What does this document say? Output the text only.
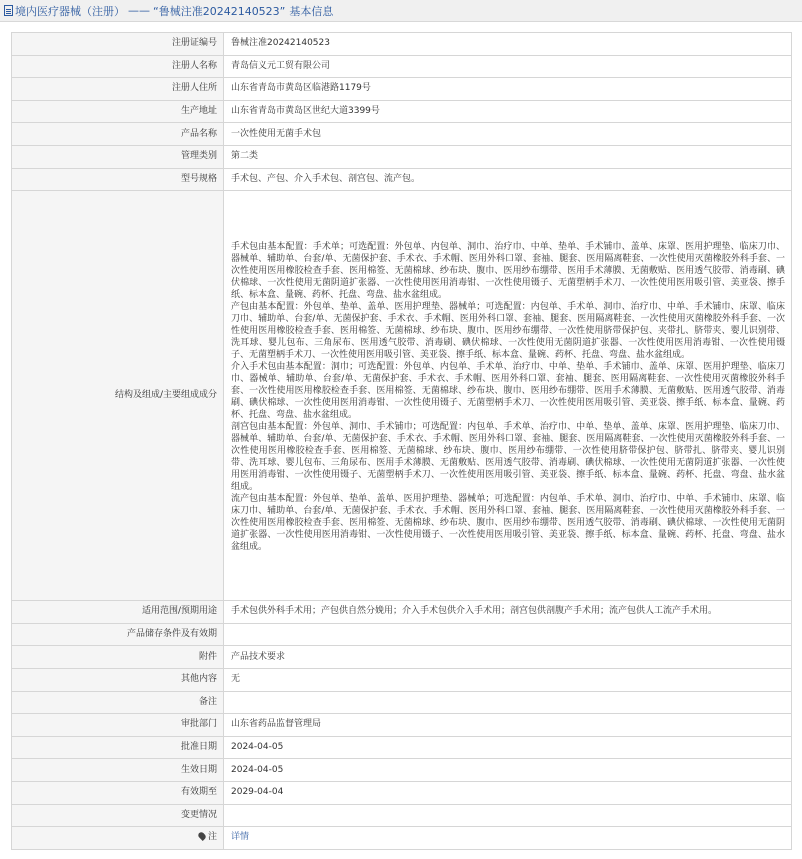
境内医疗器械（注册） —— “鲁械注准20242140523” 基本信息
注册证编号	鲁械注准20242140523
注册人名称	青岛信义元工贸有限公司
注册人住所	山东省青岛市黄岛区临港路1179号
生产地址	山东省青岛市黄岛区世纪大道3399号
产品名称	一次性使用无菌手术包
管理类别	第二类
型号规格	手术包、产包、介入手术包、剖宫包、流产包。
结构及组成/主要组成成分	手术包由基本配置：手术单；可选配置：外包单、内包单、洞巾、治疗巾、中单、垫单、手术铺巾、盖单、床罩、医用护理垫、临床刀巾、器械单、辅助单、台套/单、无菌保护套、手术衣、手术帽、医用外科口罩、套袖、腿套、医用隔离鞋套、一次性使用灭菌橡胶外科手套、一次性使用医用橡胶检查手套、医用棉签、无菌棉球、纱布块、腹巾、医用纱布绷带、医用手术薄膜、无菌敷贴、医用透气胶带、消毒刷、碘伏棉球、一次性使用无菌阴道扩张器、一次性使用医用消毒钳、一次性使用镊子、无菌塑柄手术刀、一次性使用医用吸引管、美亚袋、擦手纸、标本盒、量碗、药杯、托盘、弯盘、盐水盆组成。
产包由基本配置：外包单、垫单、盖单、医用护理垫、器械单；可选配置：内包单、手术单、洞巾、治疗巾、中单、手术铺巾、床罩、临床刀巾、辅助单、台套/单、无菌保护套、手术衣、手术帽、医用外科口罩、套袖、腿套、医用隔离鞋套、一次性使用灭菌橡胶外科手套、一次性使用医用橡胶检查手套、医用棉签、无菌棉球、纱布块、腹巾、医用纱布绷带、一次性使用脐带保护包、夹带扎、脐带夹、婴儿识别带、洗耳球、婴儿包布、三角尿布、医用透气胶带、消毒刷、碘伏棉球、一次性使用无菌阴道扩张器、一次性使用医用消毒钳、一次性使用镊子、无菌塑柄手术刀、一次性使用医用吸引管、美亚袋、擦手纸、标本盒、量碗、药杯、托盘、弯盘、盐水盆组成。
介入手术包由基本配置：洞巾；可选配置：外包单、内包单、手术单、治疗巾、中单、垫单、手术铺巾、盖单、床罩、医用护理垫、临床刀巾、器械单、辅助单、台套/单、无菌保护套、手术衣、手术帽、医用外科口罩、套袖、腿套、医用隔离鞋套、一次性使用灭菌橡胶外科手套、一次性使用医用橡胶检查手套、医用棉签、无菌棉球、纱布块、腹巾、医用纱布绷带、医用手术薄膜、无菌敷贴、医用透气胶带、消毒刷、碘伏棉球、一次性使用医用消毒钳、一次性使用镊子、无菌塑柄手术刀、一次性使用医用吸引管、美亚袋、擦手纸、标本盒、量碗、药杯、托盘、弯盘、盐水盆组成。
剖宫包由基本配置：外包单、洞巾、手术铺巾；可选配置：内包单、手术单、治疗巾、中单、垫单、盖单、床罩、医用护理垫、临床刀巾、器械单、辅助单、台套/单、无菌保护套、手术衣、手术帽、医用外科口罩、套袖、腿套、医用隔离鞋套、一次性使用灭菌橡胶外科手套、一次性使用医用橡胶检查手套、医用棉签、无菌棉球、纱布块、腹巾、医用纱布绷带、一次性使用脐带保护包、脐带扎、脐带夹、婴儿识别带、洗耳球、婴儿包布、三角尿布、医用手术薄膜、无菌敷贴、医用透气胶带、消毒刷、碘伏棉球、一次性使用无菌阴道扩张器、一次性使用医用消毒钳、一次性使用镊子、无菌塑柄手术刀、一次性使用医用吸引管、美亚袋、擦手纸、标本盒、量碗、药杯、托盘、弯盘、盐水盆组成。
流产包由基本配置：外包单、垫单、盖单、医用护理垫、器械单；可选配置：内包单、手术单、洞巾、治疗巾、中单、手术铺巾、床罩、临床刀巾、辅助单、台套/单、无菌保护套、手术衣、手术帽、医用外科口罩、套袖、腿套、医用隔离鞋套、一次性使用灭菌橡胶外科手套、一次性使用医用橡胶检查手套、医用棉签、无菌棉球、纱布块、腹巾、医用纱布绷带、医用透气胶带、消毒刷、碘伏棉球、一次性使用无菌阴道扩张器、一次性使用医用消毒钳、一次性使用镊子、一次性使用医用吸引管、美亚袋、擦手纸、标本盒、量碗、药杯、托盘、弯盘、盐水盆组成。

适用范围/预期用途	手术包供外科手术用；产包供自然分娩用；介入手术包供介入手术用；剖宫包供剖腹产手术用；流产包供人工流产手术用。
产品储存条件及有效期	
附件	产品技术要求
其他内容	无
备注	
审批部门	山东省药品监督管理局
批准日期	2024-04-05
生效日期	2024-04-05
有效期至	2029-04-04
变更情况	
注	详情
